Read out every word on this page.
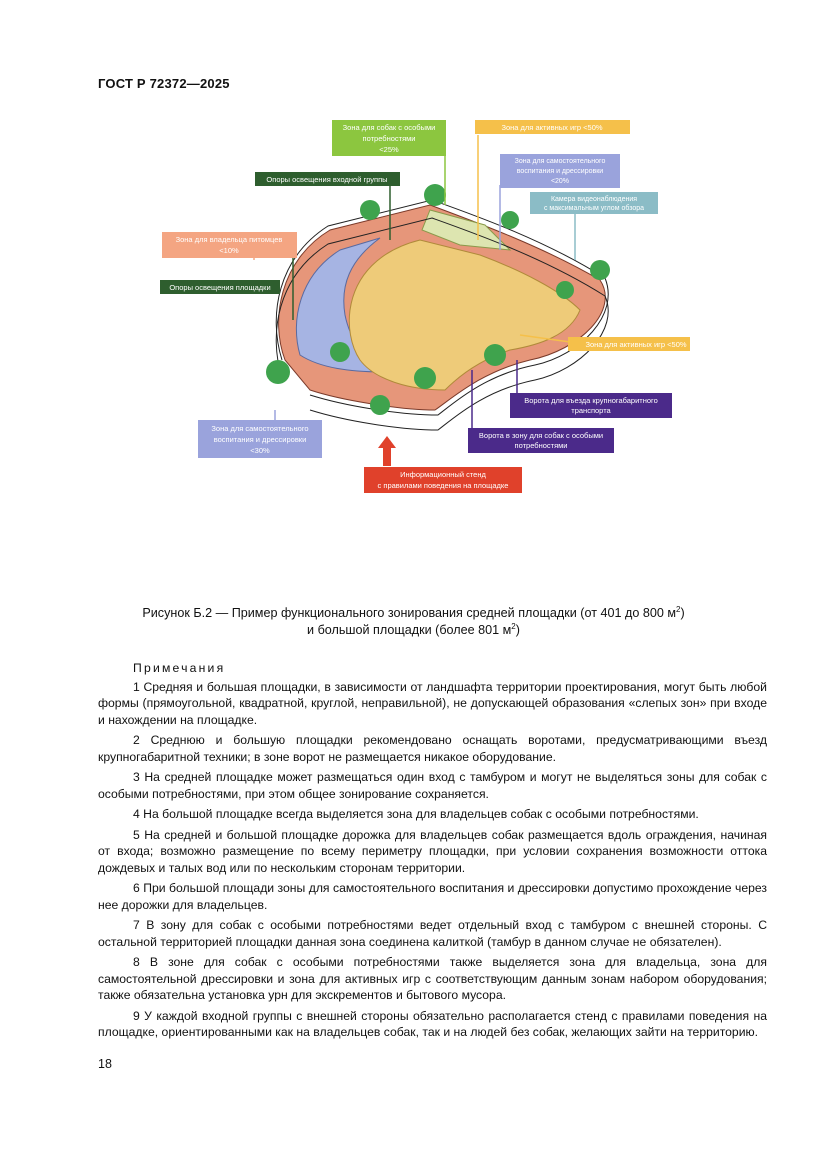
ГОСТ Р 72372—2025
Зона для собак с особыми
потребностями
<25%
Зона для активных игр <50%
Опоры освещения входной группы
Зона для самостоятельного
воспитания и дрессировки
<20%
Камера видеонаблюдения
с максимальным углом обзора
Зона для владельца питомцев
<10%
Опоры освещения площадки
Зона для активных игр <50%
Ворота для въезда крупногабаритного
транспорта
Зона для самостоятельного
воспитания и дрессировки
<30%
Ворота в зону для собак с особыми
потребностями
Информационный стенд
с правилами поведения на площадке
Рисунок Б.2 — Пример функционального зонирования средней площадки (от 401 до 800 $м^2$)
и большой площадки (более 801 $м^2$)
Примечания

1 Средняя и большая площадки, в зависимости от ландшафта территории проектирования, могут быть любой формы (прямоугольной, квадратной, круглой, неправильной), не допускающей образования «слепых зон» при входе и нахождении на площадке.

2 Среднюю и большую площадки рекомендовано оснащать воротами, предусматривающими въезд крупногабаритной техники; в зоне ворот не размещается никакое оборудование.

3 На средней площадке может размещаться один вход с тамбуром и могут не выделяться зоны для собак с особыми потребностями, при этом общее зонирование сохраняется.

4 На большой площадке всегда выделяется зона для владельцев собак с особыми потребностями.

5 На средней и большой площадке дорожка для владельцев собак размещается вдоль ограждения, начиная от входа; возможно размещение по всему периметру площадки, при условии сохранения возможности оттока дождевых и талых вод или по нескольким сторонам территории.

6 При большой площади зоны для самостоятельного воспитания и дрессировки допустимо прохождение через нее дорожки для владельцев.

7 В зону для собак с особыми потребностями ведет отдельный вход с тамбуром с внешней стороны. С остальной территорией площадки данная зона соединена калиткой (тамбур в данном случае не обязателен).

8 В зоне для собак с особыми потребностями также выделяется зона для владельца, зона для самостоятельной дрессировки и зона для активных игр с соответствующим данным зонам набором оборудования; также обязательна установка урн для экскрементов и бытового мусора.

9 У каждой входной группы с внешней стороны обязательно располагается стенд с правилами поведения на площадке, ориентированными как на владельцев собак, так и на людей без собак, желающих зайти на территорию.

18
